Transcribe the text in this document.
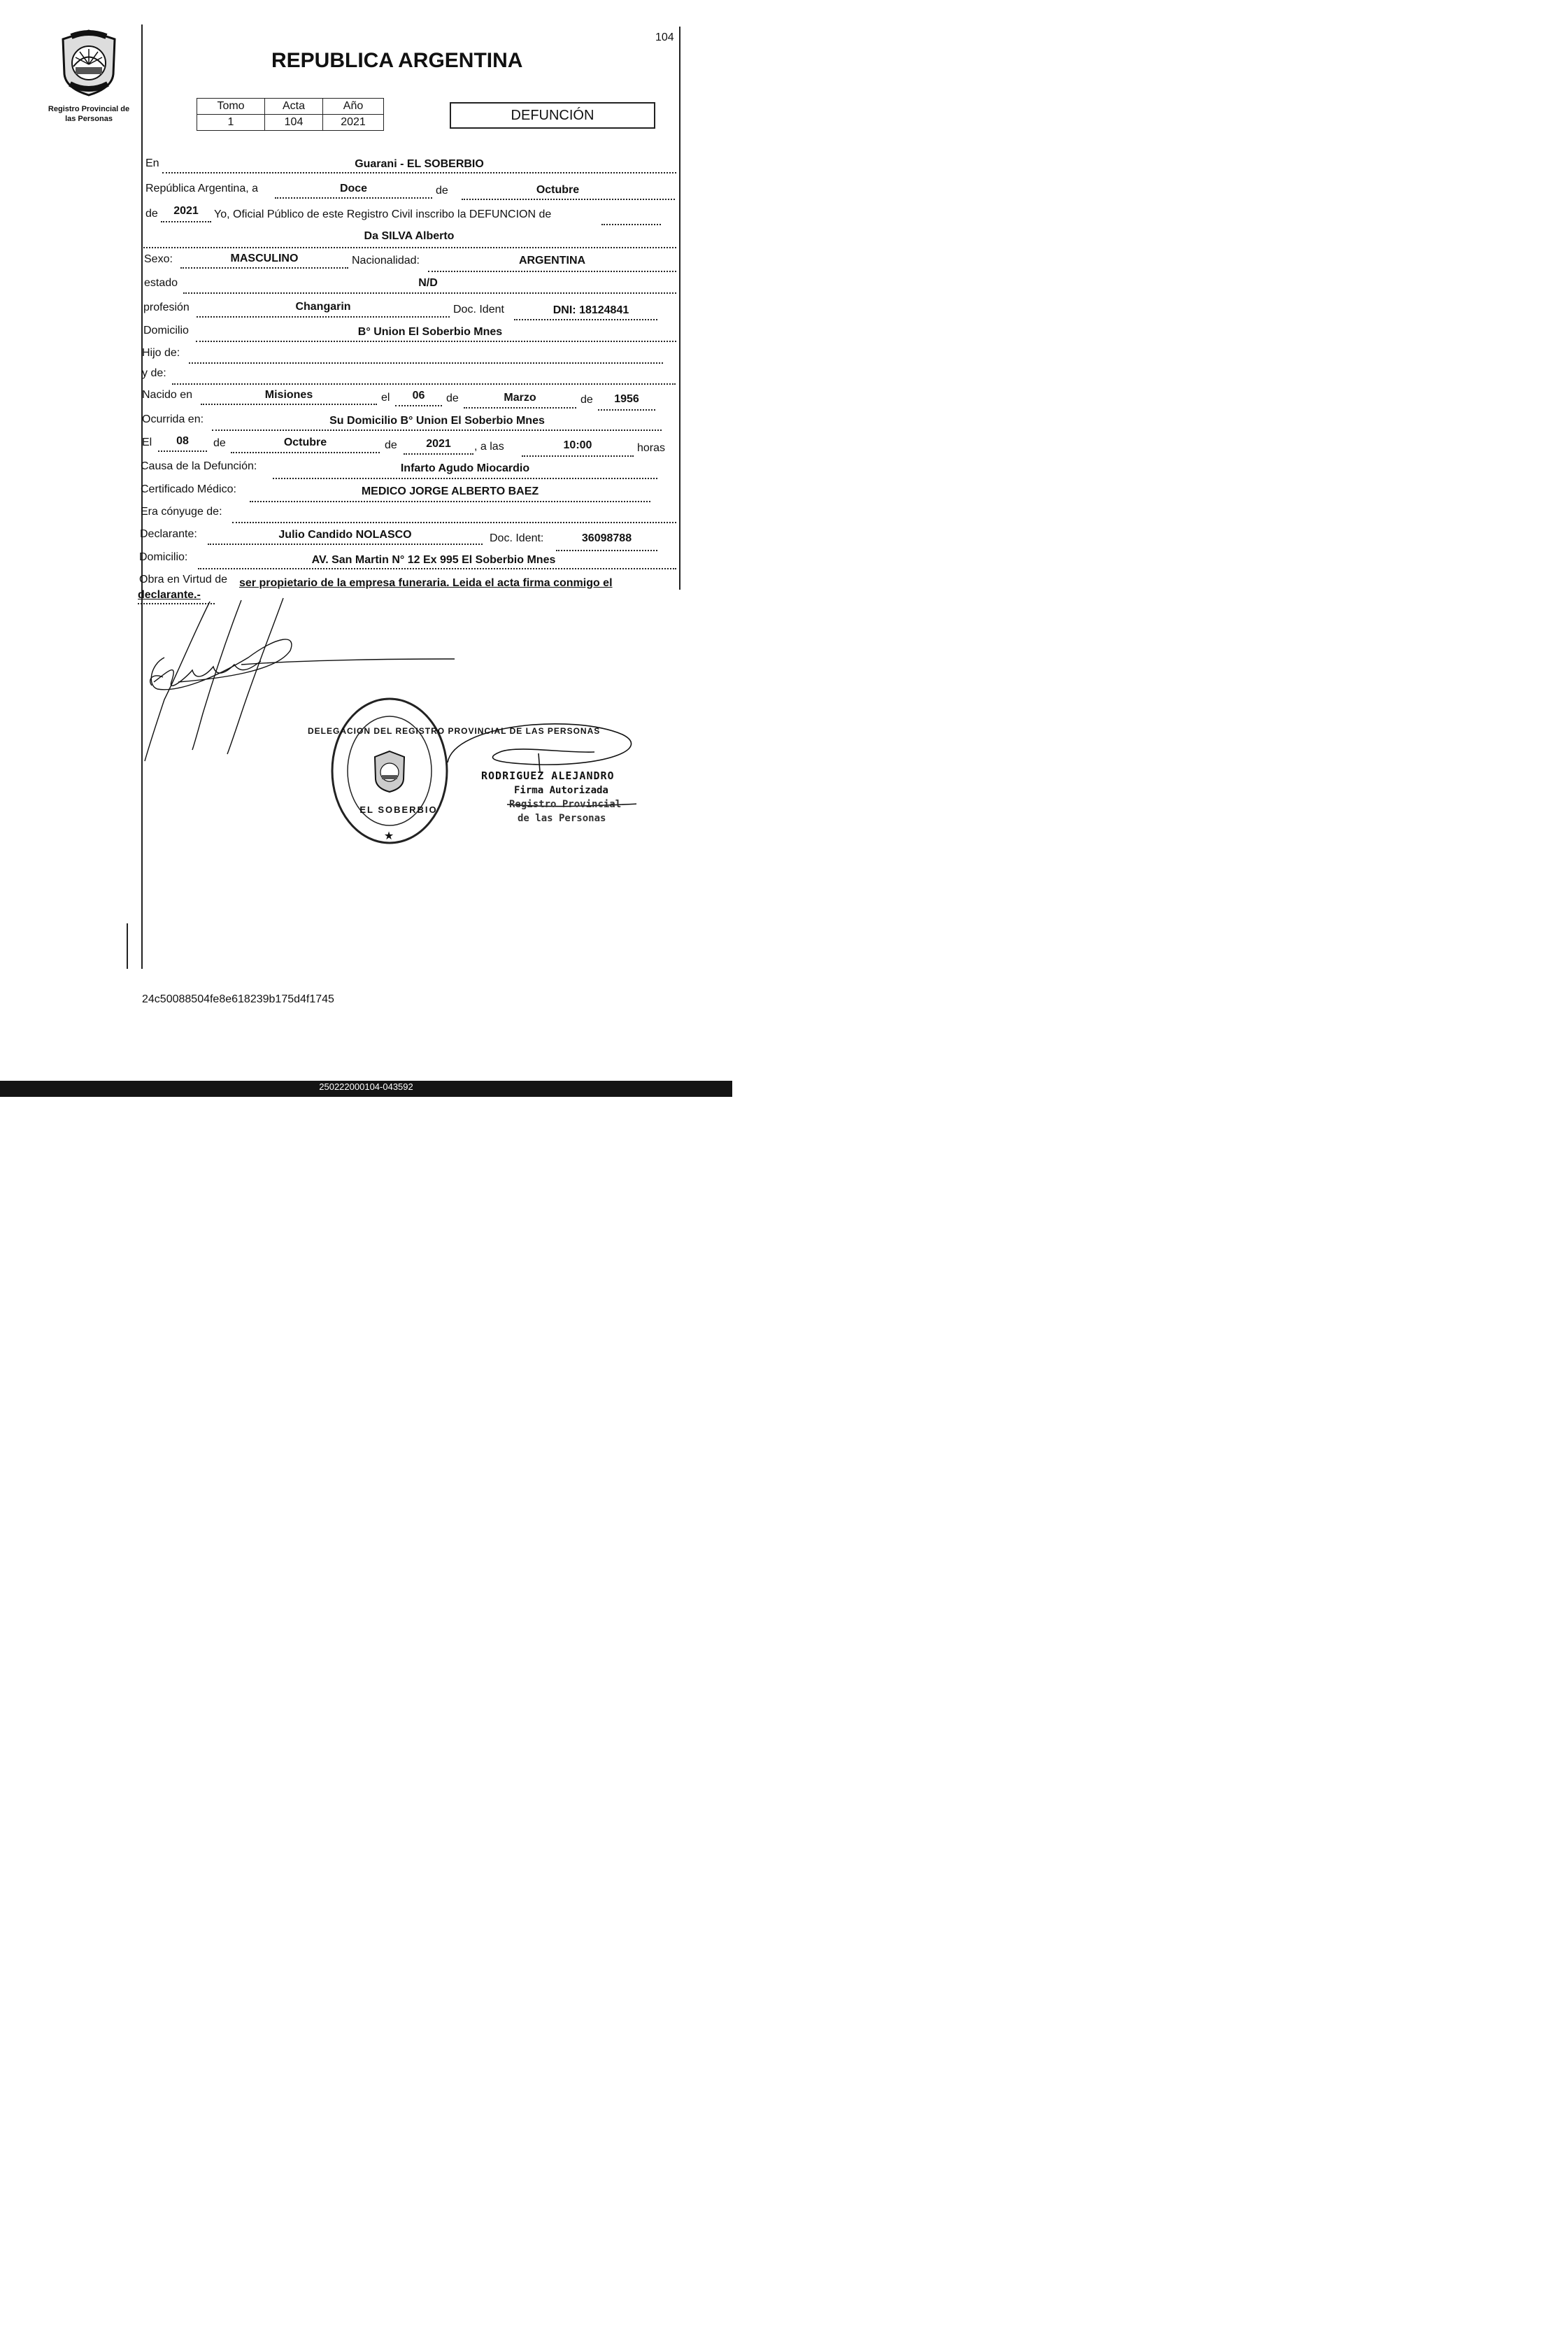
104
Registro Provincial de
las Personas
REPUBLICA ARGENTINA
Tomo	Acta	Año
1	104	2021	DEFUNCIÓN
En	Guarani - EL SOBERBIO
República Argentina, a	Doce	de	Octubre
de	2021	Yo, Oficial Público de este Registro Civil inscribo la DEFUNCION de
Da SILVA Alberto
Sexo:	MASCULINO	Nacionalidad:	ARGENTINA
estado	N/D
profesión	Changarin	Doc. Ident	DNI: 18124841
Domicilio	B° Union El Soberbio Mnes
Hijo de:
y de:
Nacido en	Misiones	el	06	de	Marzo	de	1956
Ocurrida en:	Su Domicilio B° Union El Soberbio Mnes
El	08	de	Octubre	de	2021	, a las	10:00	horas
Causa de la Defunción:	Infarto Agudo Miocardio
Certificado Médico:	MEDICO JORGE ALBERTO BAEZ
Era cónyuge de:
Declarante:	Julio Candido NOLASCO	Doc. Ident:	36098788
Domicilio:	AV. San Martin N° 12 Ex 995 El Soberbio Mnes
Obra en Virtud de ser propietario de la empresa funeraria. Leida el acta firma conmigo el
declarante.-
★
DELEGACION DEL REGISTRO PROVINCIAL DE LAS PERSONAS
EL SOBERBIO
RODRIGUEZ ALEJANDRO
Firma Autorizada
Registro Provincial
de las Personas
24c50088504fe8e618239b175d4f1745
250222000104-043592
